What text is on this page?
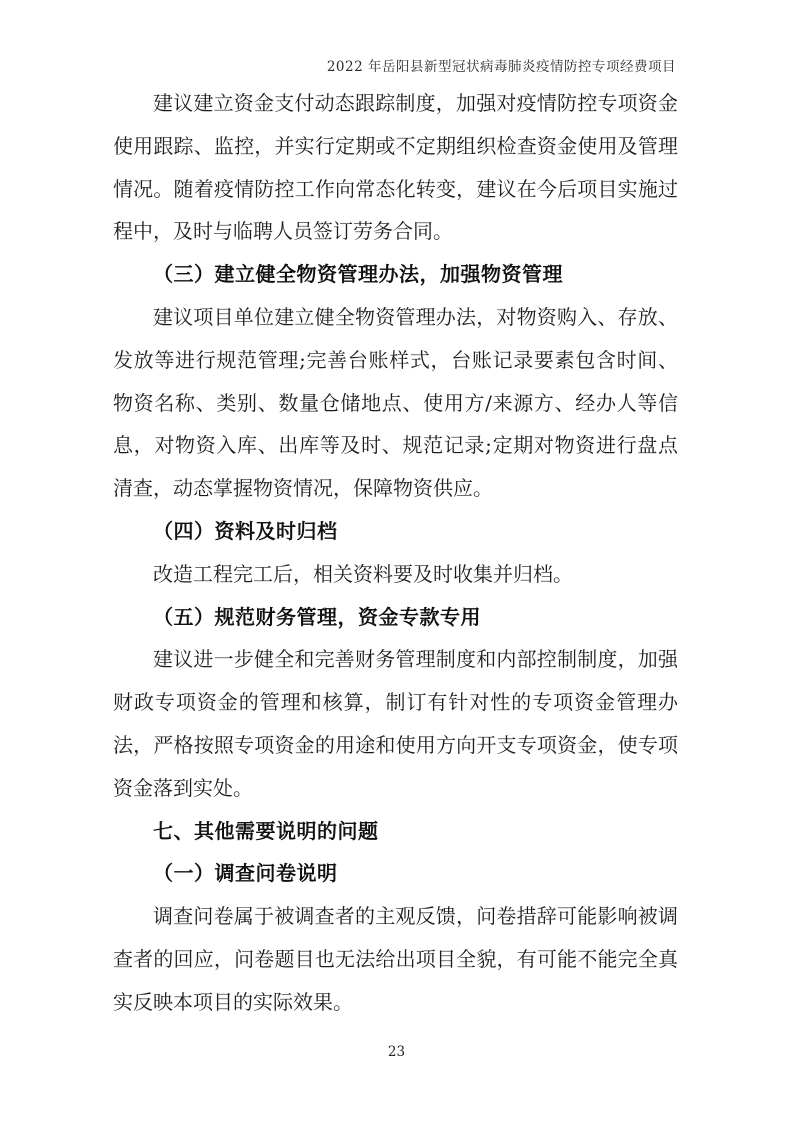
2022 年岳阳县新型冠状病毒肺炎疫情防控专项经费项目

建议建立资金支付动态跟踪制度，加强对疫情防控专项资金使用跟踪、监控，并实行定期或不定期组织检查资金使用及管理情况。随着疫情防控工作向常态化转变，建议在今后项目实施过程中，及时与临聘人员签订劳务合同。

（三）建立健全物资管理办法，加强物资管理

建议项目单位建立健全物资管理办法，对物资购入、存放、发放等进行规范管理;完善台账样式，台账记录要素包含时间、物资名称、类别、数量仓储地点、使用方/来源方、经办人等信息，对物资入库、出库等及时、规范记录;定期对物资进行盘点清查，动态掌握物资情况，保障物资供应。

（四）资料及时归档

改造工程完工后，相关资料要及时收集并归档。

（五）规范财务管理，资金专款专用

建议进一步健全和完善财务管理制度和内部控制制度，加强财政专项资金的管理和核算，制订有针对性的专项资金管理办法，严格按照专项资金的用途和使用方向开支专项资金，使专项资金落到实处。

七、其他需要说明的问题

（一）调查问卷说明

调查问卷属于被调查者的主观反馈，问卷措辞可能影响被调查者的回应，问卷题目也无法给出项目全貌，有可能不能完全真实反映本项目的实际效果。

23
